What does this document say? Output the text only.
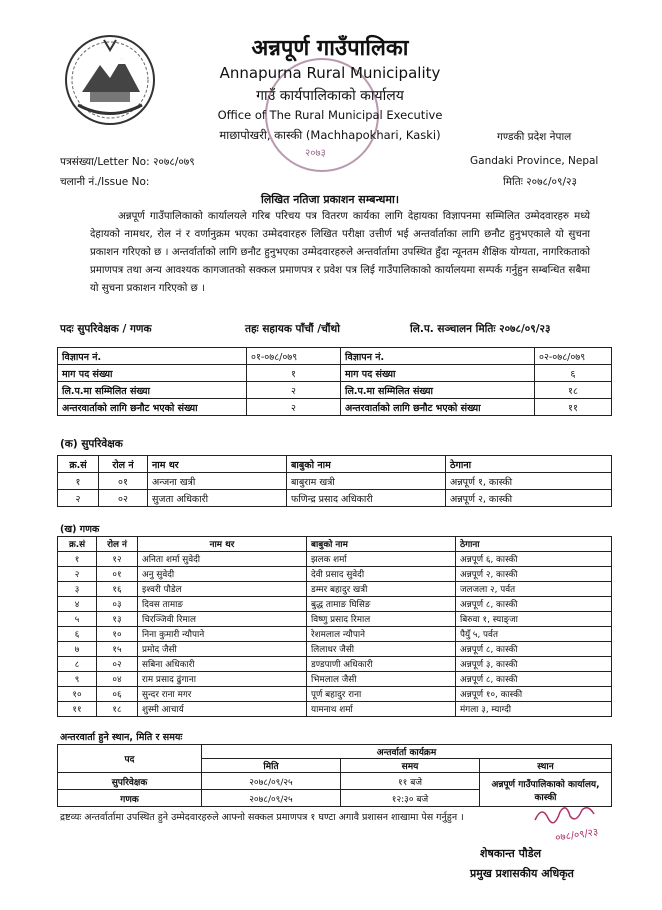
२०७३
अन्नपूर्ण गाउँपालिका
Annapurna Rural Municipality
गाउँ कार्यपालिकाको कार्यालय
Office of The Rural Municipal Executive
माछापोखरी, कास्की (Machhapokhari, Kaski)	गण्डकी प्रदेश नेपाल
पत्रसंख्या/Letter No: २०७८/०७९	Gandaki Province, Nepal
चलानी नं./Issue No:	मितिः २०७८/०९/२३
लिखित नतिजा प्रकाशन सम्बन्धमा।
अन्नपूर्ण गाउँपालिकाको कार्यालयले गरिब परिचय पत्र वितरण कार्यका लागि देहायका विज्ञापनमा सम्मिलित उम्मेदवारहरु मध्ये देहायको नामथर, रोल नं र वर्णानुक्रम भएका उम्मेदवारहरु लिखित परीक्षा उत्तीर्ण भई अन्तर्वार्ताका लागि छनौट हुनुभएकाले यो सुचना प्रकाशन गरिएको छ । अन्तर्वार्ताको लागि छनौट हुनुभएका उम्मेदवारहरुले अन्तर्वार्तामा उपस्थित हुँदा न्यूनतम शैक्षिक योग्यता, नागरिकताको प्रमाणपत्र तथा अन्य आवश्यक कागजातको सक्कल प्रमाणपत्र र प्रवेश पत्र लिई गाउँपालिकाको कार्यालयमा सम्पर्क गर्नुहुन सम्बन्धित सबैमा यो सुचना प्रकाशन गरिएको छ ।
पदः सुपरिवेक्षक / गणक	तहः सहायक पाँचौं /चौंथो	लि.प. सञ्चालन मितिः २०७८/०९/२३
विज्ञापन नं.	०१-०७८/०७९	विज्ञापन नं.	०२-०७८/०७९
माग पद संख्या	१	माग पद संख्या	६
लि.प.मा सम्मिलित संख्या	२	लि.प.मा सम्मिलित संख्या	१८
अन्तरवार्ताको लागि छनौट भएको संख्या	२	अन्तरवार्ताको लागि छनौट भएको संख्या	११
(क) सुपरिवेक्षक
क्र.सं	रोल नं	नाम थर	बाबुको नाम	ठेगाना
१	०१	अन्जना खत्री	बाबुराम खत्री	अन्नपूर्ण १, कास्की
२	०२	सुजता अधिकारी	फणिन्द्र प्रसाद अधिकारी	अन्नपूर्ण २, कास्की
(ख) गणक
क्र.सं	रोल नं	नाम थर	बाबुको नाम	ठेगाना
१	१२	अनिता शर्मा सुवेदी	झलक शर्मा	अन्नपूर्ण ६, कास्की
२	०१	अनु सुवेदी	देवी प्रसाद सुवेदी	अन्नपूर्ण २, कास्की
३	१६	इश्वरी पौडेल	डम्मर बहादुर खत्री	जलजला २, पर्वत
४	०३	दिवस तामाङ	बुद्ध तामाङ घिसिङ	अन्नपूर्ण ८, कास्की
५	१३	चिरञ्जिवी रिमाल	विष्णु प्रसाद रिमाल	बिरुवा १, स्याङ्जा
६	१०	निना कुमारी न्यौपाने	रेशमलाल न्यौपाने	पैयुँ ५, पर्वत
७	१५	प्रमोद जैसी	लिलाधर जैसी	अन्नपूर्ण ८, कास्की
८	०२	सबिना अधिकारी	डण्डपाणी अधिकारी	अन्नपूर्ण ३, कास्की
९	०४	राम प्रसाद ढुंगाना	भिमलाल जैसी	अन्नपूर्ण ८, कास्की
१०	०६	सुन्दर राना मगर	पूर्ण बहादुर राना	अन्नपूर्ण १०, कास्की
११	१८	शुस्मी आचार्य	यामनाथ शर्मा	मंगला ३, म्याग्दी
अन्तरवार्ता हुने स्थान, मिति र समयः
पद	अन्तर्वार्ता कार्यक्रम		
	मिति	समय	स्थान
सुपरिवेक्षक	२०७८/०९/२५	११ बजे	अन्नपूर्ण गाउँपालिकाको कार्यालय, कास्की
गणक	२०७८/०९/२५	१२:३० बजे	
द्रष्टव्यः अन्तर्वार्तामा उपस्थित हुने उम्मेदवारहरुले आफ्नो सक्कल प्रमाणपत्र १ घण्टा अगावै प्रशासन शाखामा पेस गर्नुहुन ।
०७८/०९/२३
शेषकान्त पौडेल
प्रमुख प्रशासकीय अधिकृत
